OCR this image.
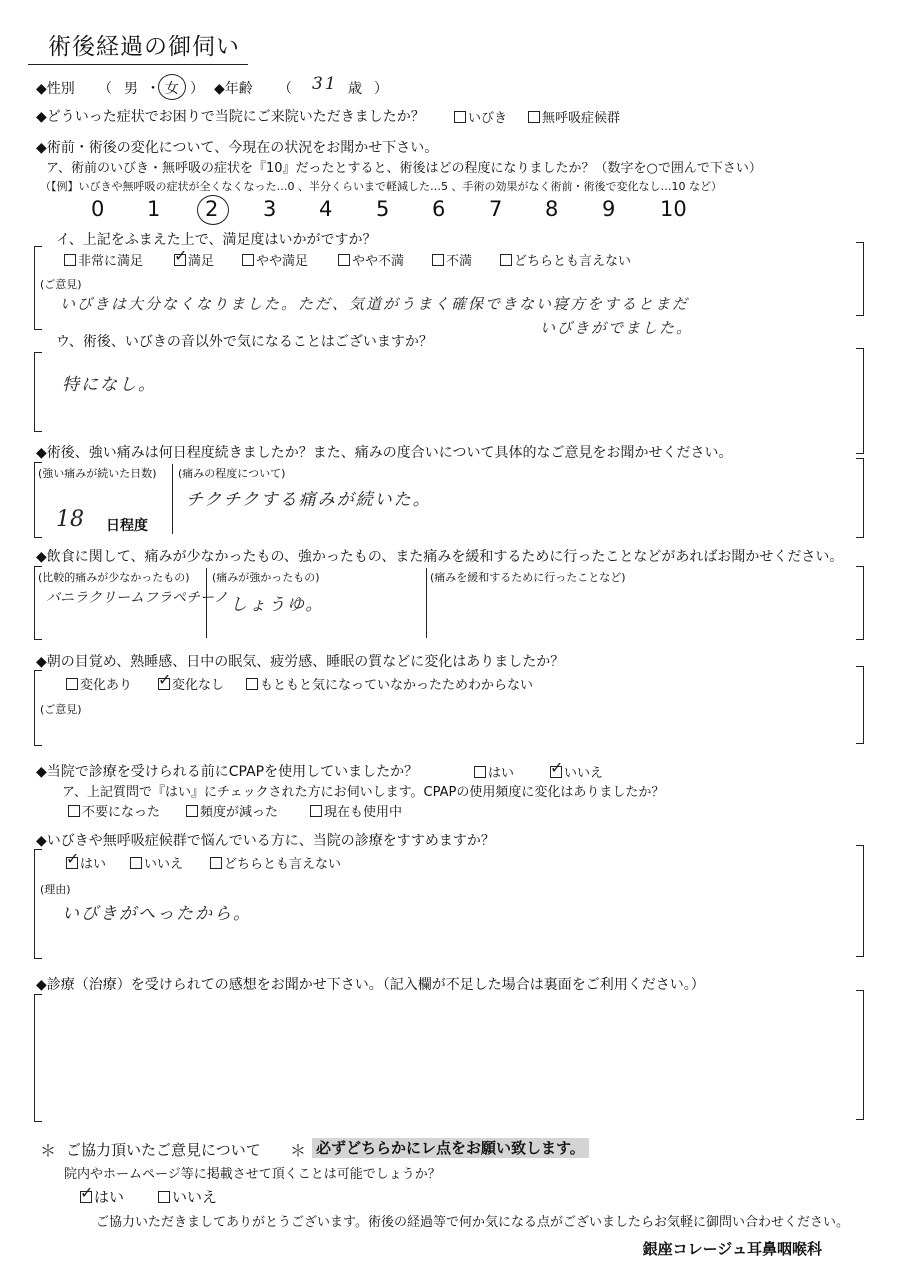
術後経過の御伺い
◆性別 （ 男 ・ 女 ） ◆年齢 （ 31 歳 ）
◆どういった症状でお困りで当院にご来院いただきましたか？	いびき	無呼吸症候群
◆術前・術後の変化について、今現在の状況をお聞かせ下さい。
ア、術前のいびき・無呼吸の症状を『10』だったとすると、術後はどの程度になりましたか？（数字を○で囲んで下さい）
（【例】いびきや無呼吸の症状が全くなくなった…0 、半分くらいまで軽減した…5 、手術の効果がなく術前・術後で変化なし…10 など）
0 1 2 3 4 5 6 7 8 9 10
イ、上記をふまえた上で、満足度はいかがですか？
非常に満足 ✓	満足	やや満足	やや不満	不満	どちらとも言えない
(ご意見)
いびきは大分なくなりました。ただ、気道がうまく確保できない寝方をするとまだ
いびきがでました。
ウ、術後、いびきの音以外で気になることはございますか？
特になし。
◆術後、強い痛みは何日程度続きましたか？また、痛みの度合いについて具体的なご意見をお聞かせください。
(強い痛みが続いた日数)
18 日程度
(痛みの程度について)
チクチクする痛みが続いた。
◆飲食に関して、痛みが少なかったもの、強かったもの、また痛みを緩和するために行ったことなどがあればお聞かせください。
(比較的痛みが少なかったもの)
バニラクリームフラペチーノ
(痛みが強かったもの)
しょうゆ。
(痛みを緩和するために行ったことなど)
◆朝の目覚め、熟睡感、日中の眠気、疲労感、睡眠の質などに変化はありましたか？
変化あり ✓	変化なし	もともと気になっていなかったためわからない
(ご意見)
◆当院で診療を受けられる前にCPAPを使用していましたか？	はい ✓	いいえ
ア、上記質問で『はい』にチェックされた方にお伺いします。CPAPの使用頻度に変化はありましたか？
不要になった	頻度が減った	現在も使用中
◆いびきや無呼吸症候群で悩んでいる方に、当院の診療をすすめますか？
✓はい	いいえ	どちらとも言えない
(理由)
いびきがへったから。
◆診療（治療）を受けられての感想をお聞かせ下さい。（記入欄が不足した場合は裏面をご利用ください。）
＊ ご協力頂いたご意見について ＊ 必ずどちらかにレ点をお願い致します。
院内やホームページ等に掲載させて頂くことは可能でしょうか？
✓はい	いいえ
ご協力いただきましてありがとうございます。術後の経過等で何か気になる点がございましたらお気軽に御問い合わせください。
銀座コレージュ耳鼻咽喉科
